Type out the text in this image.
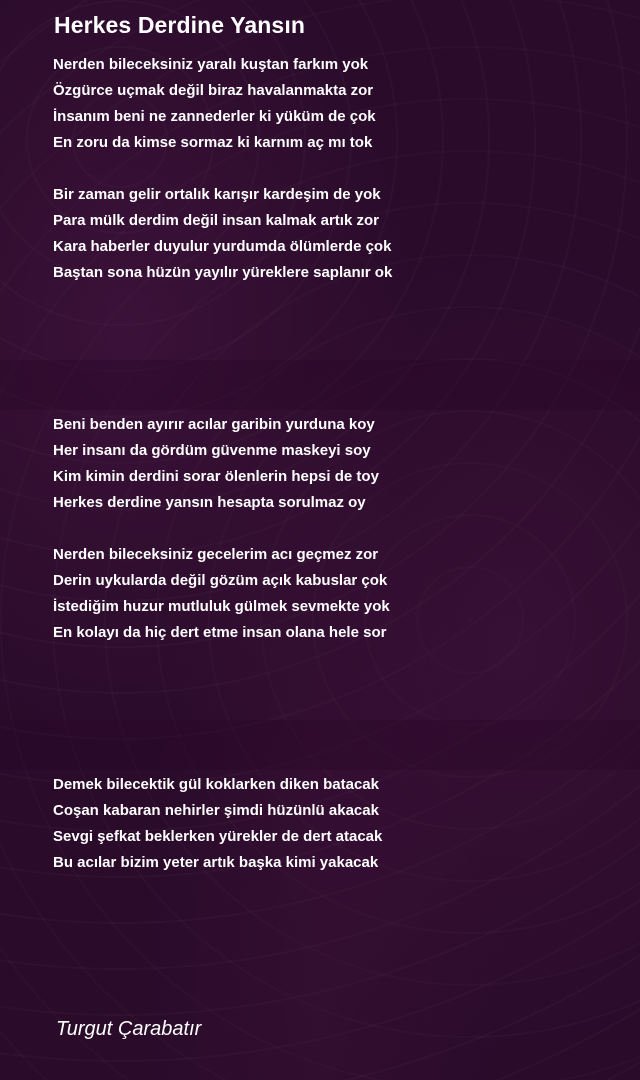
Herkes Derdine Yansın
Nerden bileceksiniz yaralı kuştan farkım yok
Özgürce uçmak değil biraz havalanmakta zor
İnsanım beni ne zannederler ki yüküm de çok
En zoru da kimse sormaz ki karnım aç mı tok
Bir zaman gelir ortalık karışır kardeşim de yok
Para mülk derdim değil insan kalmak artık zor
Kara haberler duyulur yurdumda ölümlerde çok
Baştan sona hüzün yayılır yüreklere saplanır ok
Beni benden ayırır acılar garibin yurduna koy
Her insanı da gördüm güvenme maskeyi soy
Kim kimin derdini sorar ölenlerin hepsi de toy
Herkes derdine yansın hesapta sorulmaz oy
Nerden bileceksiniz gecelerim acı geçmez zor
Derin uykularda değil gözüm açık kabuslar çok
İstediğim huzur mutluluk gülmek sevmekte yok
En kolayı da hiç dert etme insan olana hele sor
Demek bilecektik gül koklarken diken batacak
Coşan kabaran nehirler şimdi hüzünlü akacak
Sevgi şefkat beklerken yürekler de dert atacak
Bu acılar bizim yeter artık başka kimi yakacak
Turgut Çarabatır
